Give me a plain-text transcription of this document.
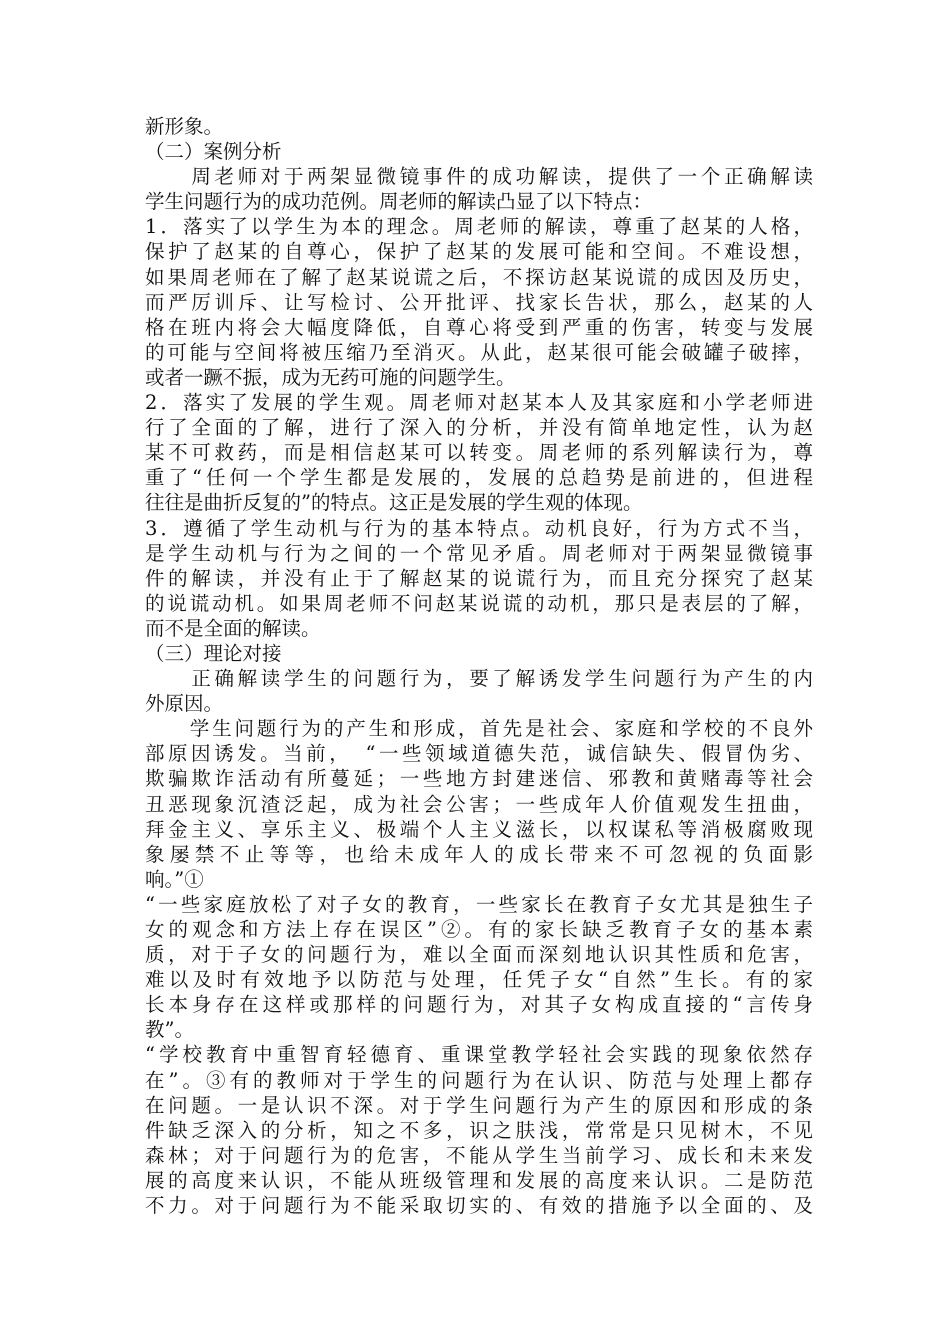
新形象。
（二）案例分析
　　周老师对于两架显微镜事件的成功解读，提供了一个正确解读
学生问题行为的成功范例。周老师的解读凸显了以下特点：
1．落实了以学生为本的理念。周老师的解读，尊重了赵某的人格，
保护了赵某的自尊心，保护了赵某的发展可能和空间。不难设想，
如果周老师在了解了赵某说谎之后，不探访赵某说谎的成因及历史，
而严厉训斥、让写检讨、公开批评、找家长告状，那么，赵某的人
格在班内将会大幅度降低，自尊心将受到严重的伤害，转变与发展
的可能与空间将被压缩乃至消灭。从此，赵某很可能会破罐子破摔，
或者一蹶不振，成为无药可施的问题学生。
2．落实了发展的学生观。周老师对赵某本人及其家庭和小学老师进
行了全面的了解，进行了深入的分析，并没有简单地定性，认为赵
某不可救药，而是相信赵某可以转变。周老师的系列解读行为，尊
重了“任何一个学生都是发展的，发展的总趋势是前进的，但进程
往往是曲折反复的”的特点。这正是发展的学生观的体现。
3．遵循了学生动机与行为的基本特点。动机良好，行为方式不当，
是学生动机与行为之间的一个常见矛盾。周老师对于两架显微镜事
件的解读，并没有止于了解赵某的说谎行为，而且充分探究了赵某
的说谎动机。如果周老师不问赵某说谎的动机，那只是表层的了解，
而不是全面的解读。
（三）理论对接
　　正确解读学生的问题行为，要了解诱发学生问题行为产生的内
外原因。
　　学生问题行为的产生和形成，首先是社会、家庭和学校的不良外
部原因诱发。当前，　“一些领域道德失范，诚信缺失、假冒伪劣、
欺骗欺诈活动有所蔓延；一些地方封建迷信、邪教和黄赌毒等社会
丑恶现象沉渣泛起，成为社会公害；一些成年人价值观发生扭曲，
拜金主义、享乐主义、极端个人主义滋长，以权谋私等消极腐败现
象屡禁不止等等，也给未成年人的成长带来不可忽视的负面影
响。”①
“一些家庭放松了对子女的教育，一些家长在教育子女尤其是独生子
女的观念和方法上存在误区”②。有的家长缺乏教育子女的基本素
质，对于子女的问题行为，难以全面而深刻地认识其性质和危害，
难以及时有效地予以防范与处理，任凭子女“自然”生长。有的家
长本身存在这样或那样的问题行为，对其子女构成直接的“言传身
教”。
“学校教育中重智育轻德育、重课堂教学轻社会实践的现象依然存
在”。③有的教师对于学生的问题行为在认识、防范与处理上都存
在问题。一是认识不深。对于学生问题行为产生的原因和形成的条
件缺乏深入的分析，知之不多，识之肤浅，常常是只见树木，不见
森林；对于问题行为的危害，不能从学生当前学习、成长和未来发
展的高度来认识，不能从班级管理和发展的高度来认识。二是防范
不力。对于问题行为不能采取切实的、有效的措施予以全面的、及
